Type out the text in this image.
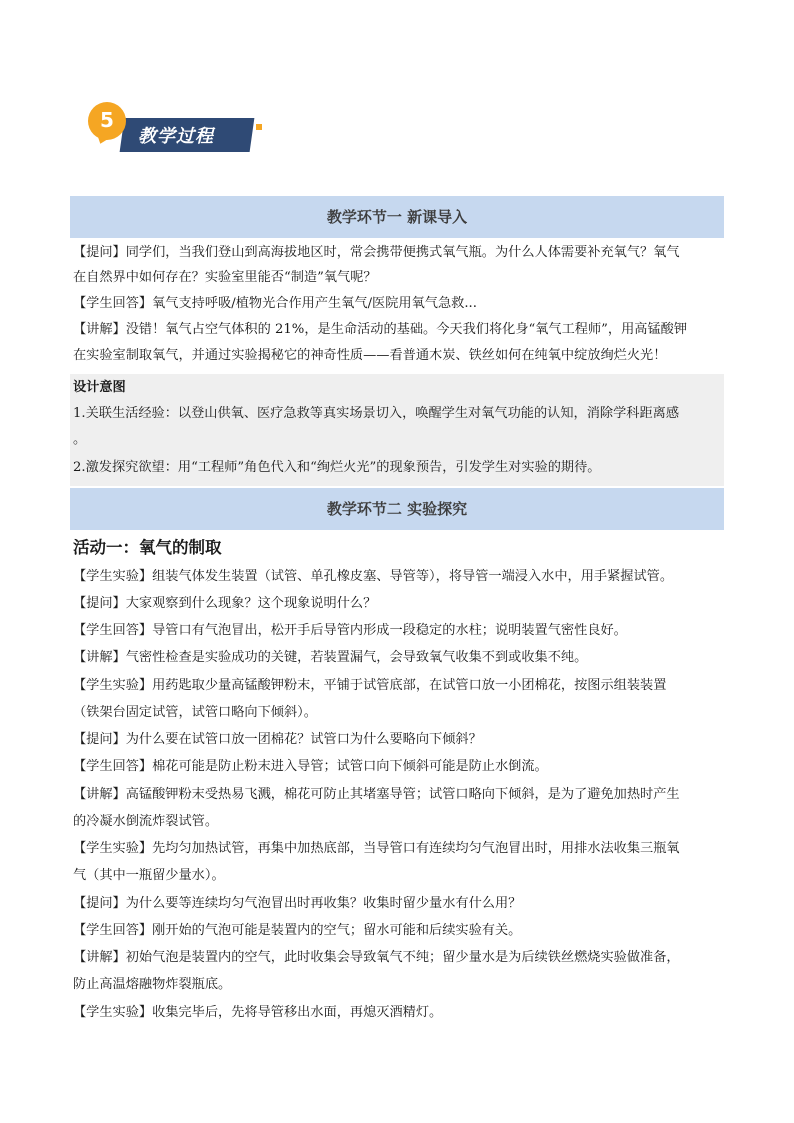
5
教学过程
教学环节一 新课导入
【提问】同学们，当我们登山到高海拔地区时，常会携带便携式氧气瓶。为什么人体需要补充氧气？氧气
在自然界中如何存在？实验室里能否“制造”氧气呢？
【学生回答】氧气支持呼吸/植物光合作用产生氧气/医院用氧气急救...
【讲解】没错！氧气占空气体积的 21%，是生命活动的基础。今天我们将化身“氧气工程师”，用高锰酸钾
在实验室制取氧气，并通过实验揭秘它的神奇性质——看普通木炭、铁丝如何在纯氧中绽放绚烂火光！
设计意图
1.关联生活经验：以登山供氧、医疗急救等真实场景切入，唤醒学生对氧气功能的认知，消除学科距离感
。
2.激发探究欲望：用“工程师”角色代入和“绚烂火光”的现象预告，引发学生对实验的期待。
教学环节二 实验探究
活动一：氧气的制取
【学生实验】组装气体发生装置（试管、单孔橡皮塞、导管等），将导管一端浸入水中，用手紧握试管。
【提问】大家观察到什么现象？这个现象说明什么？
【学生回答】导管口有气泡冒出，松开手后导管内形成一段稳定的水柱；说明装置气密性良好。
【讲解】气密性检查是实验成功的关键，若装置漏气，会导致氧气收集不到或收集不纯。
【学生实验】用药匙取少量高锰酸钾粉末，平铺于试管底部，在试管口放一小团棉花，按图示组装装置
（铁架台固定试管，试管口略向下倾斜）。
【提问】为什么要在试管口放一团棉花？试管口为什么要略向下倾斜？
【学生回答】棉花可能是防止粉末进入导管；试管口向下倾斜可能是防止水倒流。
【讲解】高锰酸钾粉末受热易飞溅，棉花可防止其堵塞导管；试管口略向下倾斜，是为了避免加热时产生
的冷凝水倒流炸裂试管。
【学生实验】先均匀加热试管，再集中加热底部，当导管口有连续均匀气泡冒出时，用排水法收集三瓶氧
气（其中一瓶留少量水）。
【提问】为什么要等连续均匀气泡冒出时再收集？收集时留少量水有什么用？
【学生回答】刚开始的气泡可能是装置内的空气；留水可能和后续实验有关。
【讲解】初始气泡是装置内的空气，此时收集会导致氧气不纯；留少量水是为后续铁丝燃烧实验做准备，
防止高温熔融物炸裂瓶底。
【学生实验】收集完毕后，先将导管移出水面，再熄灭酒精灯。
